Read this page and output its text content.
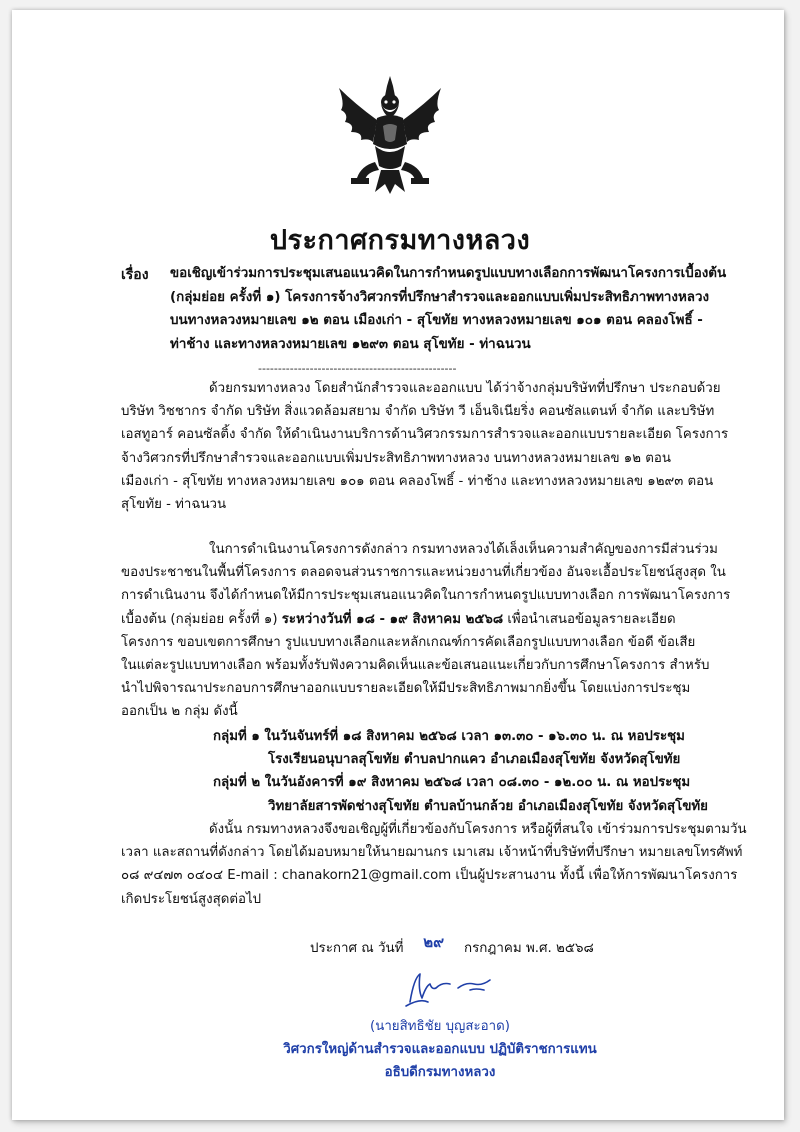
ประกาศกรมทางหลวง
เรื่อง ขอเชิญเข้าร่วมการประชุมเสนอแนวคิดในการกำหนดรูปแบบทางเลือกการพัฒนาโครงการเบื้องต้น
(กลุ่มย่อย ครั้งที่ ๑) โครงการจ้างวิศวกรที่ปรึกษาสำรวจและออกแบบเพิ่มประสิทธิภาพทางหลวง
บนทางหลวงหมายเลข ๑๒ ตอน เมืองเก่า - สุโขทัย ทางหลวงหมายเลข ๑๐๑ ตอน คลองโพธิ์ -
ท่าช้าง และทางหลวงหมายเลข ๑๒๙๓ ตอน สุโขทัย - ท่าฉนวน
--------------------------------------------------
ด้วยกรมทางหลวง โดยสำนักสำรวจและออกแบบ ได้ว่าจ้างกลุ่มบริษัทที่ปรึกษา ประกอบด้วย
บริษัท วิชชากร จำกัด บริษัท สิ่งแวดล้อมสยาม จำกัด บริษัท วี เอ็นจิเนียริ่ง คอนซัลแตนท์ จำกัด และบริษัท
เอสทูอาร์ คอนซัลติ้ง จำกัด ให้ดำเนินงานบริการด้านวิศวกรรมการสำรวจและออกแบบรายละเอียด โครงการ
จ้างวิศวกรที่ปรึกษาสำรวจและออกแบบเพิ่มประสิทธิภาพทางหลวง บนทางหลวงหมายเลข ๑๒ ตอน
เมืองเก่า - สุโขทัย ทางหลวงหมายเลข ๑๐๑ ตอน คลองโพธิ์ - ท่าช้าง และทางหลวงหมายเลข ๑๒๙๓ ตอน
สุโขทัย - ท่าฉนวน
ในการดำเนินงานโครงการดังกล่าว กรมทางหลวงได้เล็งเห็นความสำคัญของการมีส่วนร่วม
ของประชาชนในพื้นที่โครงการ ตลอดจนส่วนราชการและหน่วยงานที่เกี่ยวข้อง อันจะเอื้อประโยชน์สูงสุด ใน
การดำเนินงาน จึงได้กำหนดให้มีการประชุมเสนอแนวคิดในการกำหนดรูปแบบทางเลือก การพัฒนาโครงการ
เบื้องต้น (กลุ่มย่อย ครั้งที่ ๑) ระหว่างวันที่ ๑๘ - ๑๙ สิงหาคม ๒๕๖๘ เพื่อนำเสนอข้อมูลรายละเอียด
โครงการ ขอบเขตการศึกษา รูปแบบทางเลือกและหลักเกณฑ์การคัดเลือกรูปแบบทางเลือก ข้อดี ข้อเสีย
ในแต่ละรูปแบบทางเลือก พร้อมทั้งรับฟังความคิดเห็นและข้อเสนอแนะเกี่ยวกับการศึกษาโครงการ สำหรับ
นำไปพิจารณาประกอบการศึกษาออกแบบรายละเอียดให้มีประสิทธิภาพมากยิ่งขึ้น โดยแบ่งการประชุม
ออกเป็น ๒ กลุ่ม ดังนี้
กลุ่มที่ ๑ ในวันจันทร์ที่ ๑๘ สิงหาคม ๒๕๖๘ เวลา ๑๓.๓๐ - ๑๖.๓๐ น. ณ หอประชุม
โรงเรียนอนุบาลสุโขทัย ตำบลปากแคว อำเภอเมืองสุโขทัย จังหวัดสุโขทัย
กลุ่มที่ ๒ ในวันอังคารที่ ๑๙ สิงหาคม ๒๕๖๘ เวลา ๐๘.๓๐ - ๑๒.๐๐ น. ณ หอประชุม
วิทยาลัยสารพัดช่างสุโขทัย ตำบลบ้านกล้วย อำเภอเมืองสุโขทัย จังหวัดสุโขทัย
ดังนั้น กรมทางหลวงจึงขอเชิญผู้ที่เกี่ยวข้องกับโครงการ หรือผู้ที่สนใจ เข้าร่วมการประชุมตามวัน
เวลา และสถานที่ดังกล่าว โดยได้มอบหมายให้นายฌานกร เมาเสม เจ้าหน้าที่บริษัทที่ปรึกษา หมายเลขโทรศัพท์
๐๘ ๙๔๗๓ ๐๔๐๔ E-mail : chanakorn21@gmail.com เป็นผู้ประสานงาน ทั้งนี้ เพื่อให้การพัฒนาโครงการ
เกิดประโยชน์สูงสุดต่อไป
ประกาศ ณ วันที่ ๒๙ กรกฎาคม พ.ศ. ๒๕๖๘
(นายสิทธิชัย บุญสะอาด)
วิศวกรใหญ่ด้านสำรวจและออกแบบ ปฏิบัติราชการแทน
อธิบดีกรมทางหลวง
